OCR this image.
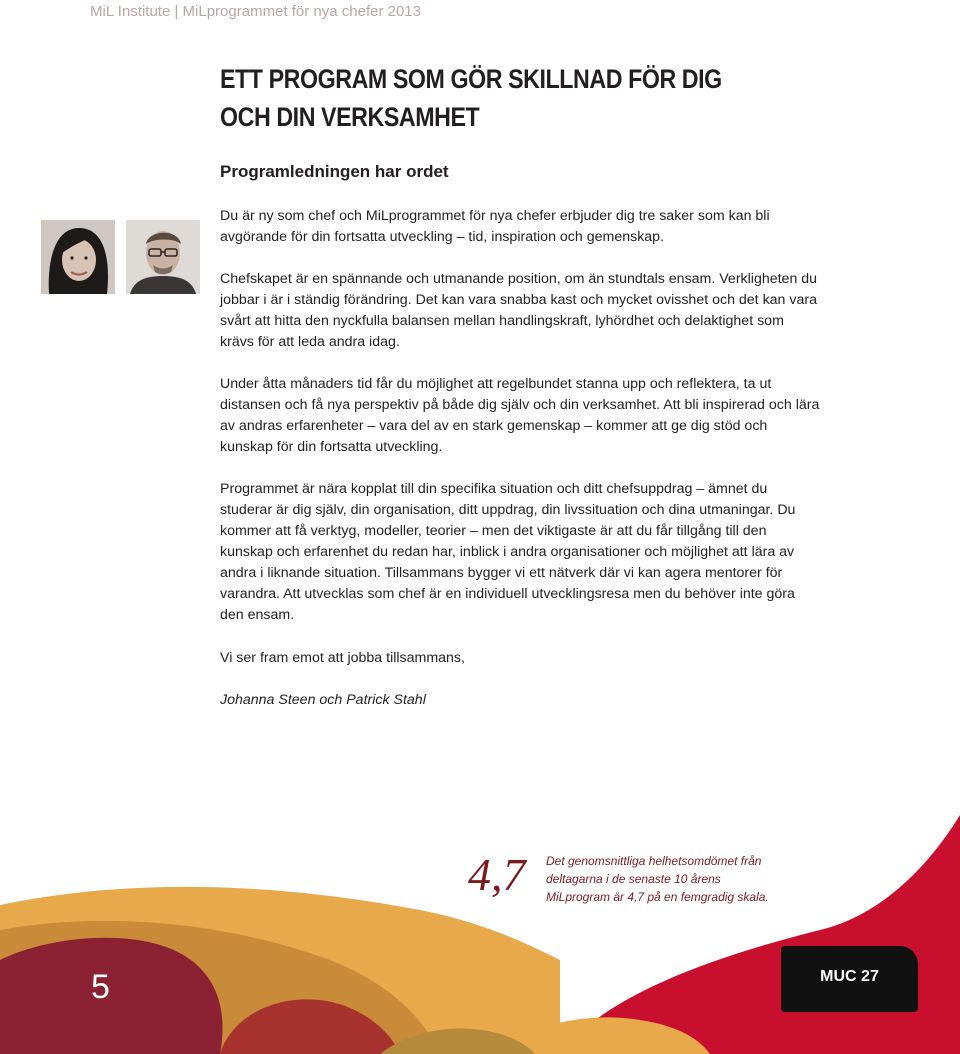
MiL Institute | MiLprogrammet för nya chefer 2013
ETT PROGRAM SOM GÖR SKILLNAD FÖR DIG OCH DIN VERKSAMHET
Programledningen har ordet

Du är ny som chef och MiLprogrammet för nya chefer erbjuder dig tre saker som kan bli avgörande för din fortsatta utveckling – tid, inspiration och gemenskap.

Chefskapet är en spännande och utmanande position, om än stundtals ensam. Verkligheten du jobbar i är i ständig förändring. Det kan vara snabba kast och mycket ovisshet och det kan vara svårt att hitta den nyckfulla balansen mellan handlingskraft, lyhördhet och delaktighet som krävs för att leda andra idag.

Under åtta månaders tid får du möjlighet att regelbundet stanna upp och reflektera, ta ut distansen och få nya perspektiv på både dig själv och din verksamhet. Att bli inspirerad och lära av andras erfarenheter – vara del av en stark gemenskap – kommer att ge dig stöd och kunskap för din fortsatta utveckling.

Programmet är nära kopplat till din specifika situation och ditt chefsuppdrag – ämnet du studerar är dig själv, din organisation, ditt uppdrag, din livssituation och dina utmaningar. Du kommer att få verktyg, modeller, teorier – men det viktigaste är att du får tillgång till den kunskap och erfarenhet du redan har, inblick i andra organisationer och möjlighet att lära av andra i liknande situation. Tillsammans bygger vi ett nätverk där vi kan agera mentorer för varandra. Att utvecklas som chef är en individuell utvecklingsresa men du behöver inte göra den ensam.

Vi ser fram emot att jobba tillsammans,

Johanna Steen och Patrick Stahl

4,7 Det genomsnittliga helhetsomdömet från deltagarna i de senaste 10 årens MiLprogram är 4,7 på en femgradig skala.
5	MUC 27
